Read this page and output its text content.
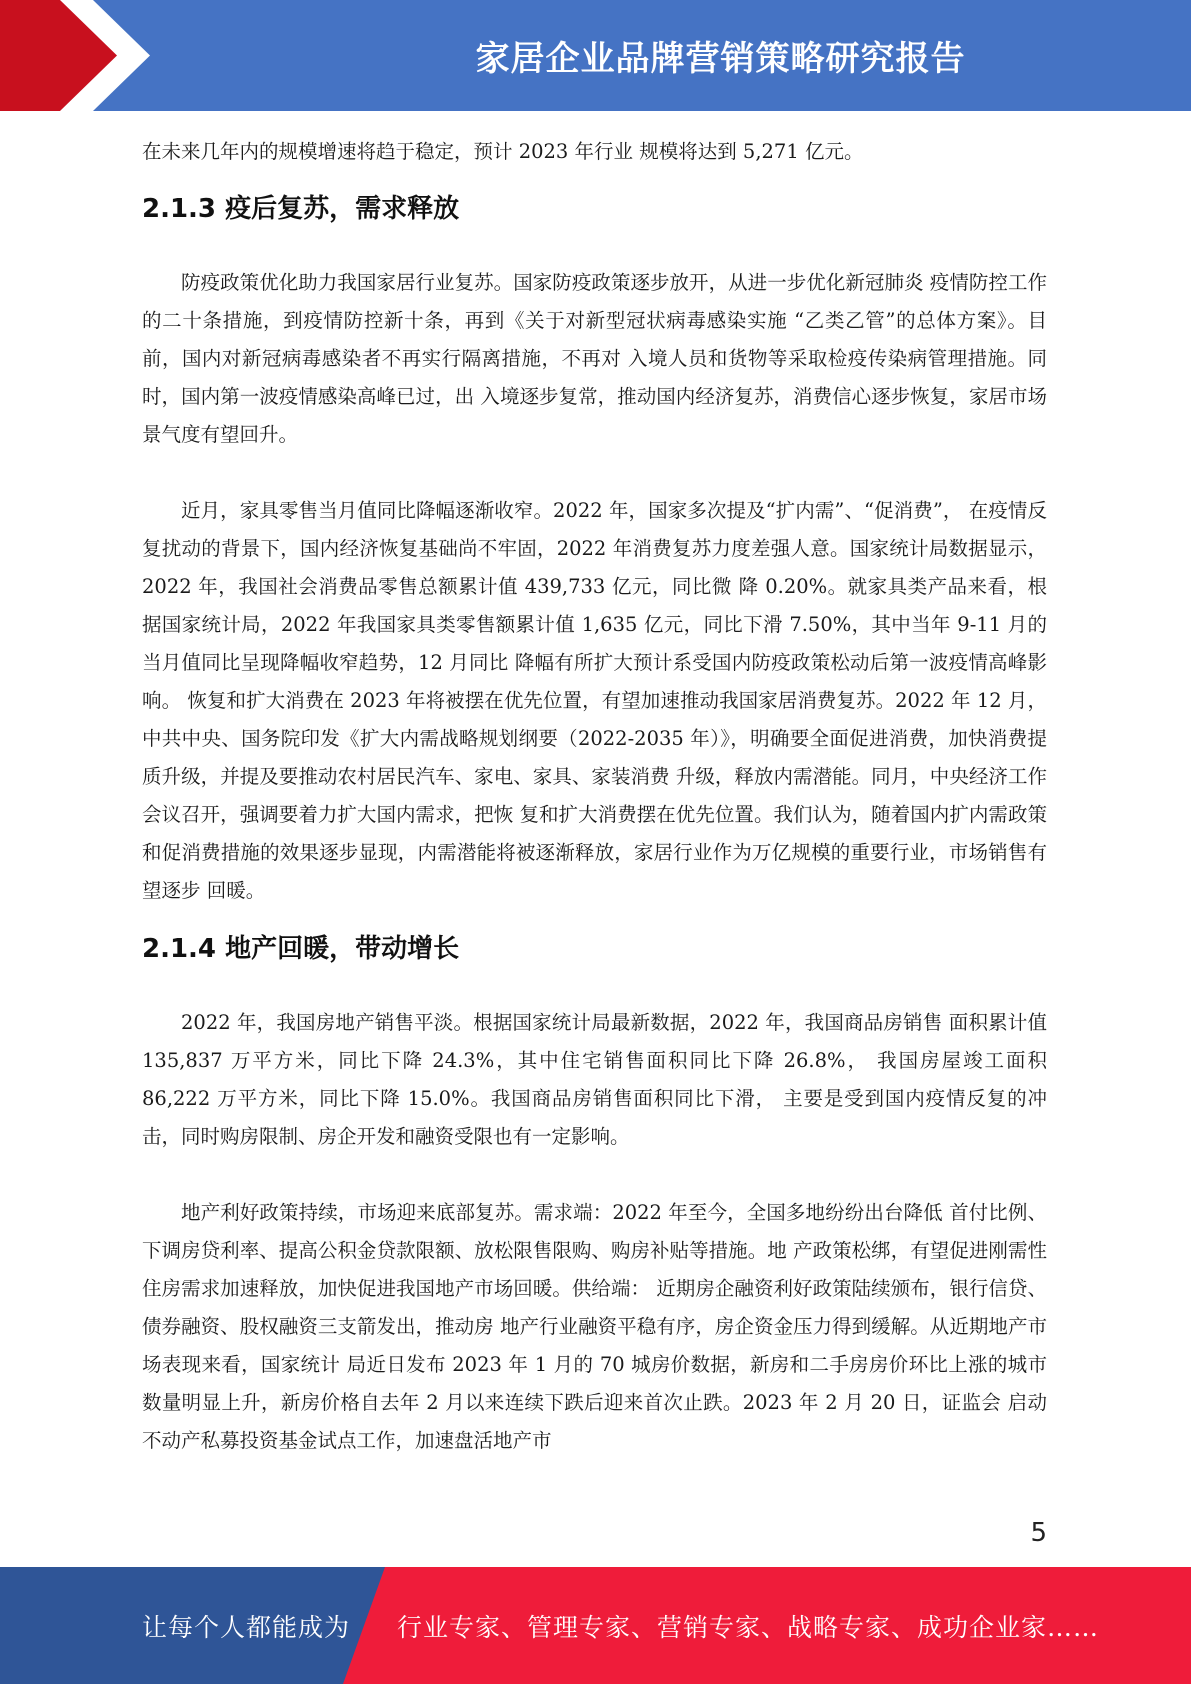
家居企业品牌营销策略研究报告

在未来几年内的规模增速将趋于稳定，预计 2023 年行业 规模将达到 5,271 亿元。

2.1.3 疫后复苏，需求释放

防疫政策优化助力我国家居行业复苏。国家防疫政策逐步放开，从进一步优化新冠肺炎 疫情防控工作的二十条措施，到疫情防控新十条，再到《关于对新型冠状病毒感染实施 “乙类乙管”的总体方案》。目前，国内对新冠病毒感染者不再实行隔离措施，不再对 入境人员和货物等采取检疫传染病管理措施。同时，国内第一波疫情感染高峰已过，出 入境逐步复常，推动国内经济复苏，消费信心逐步恢复，家居市场景气度有望回升。

近月，家具零售当月值同比降幅逐渐收窄。2022 年，国家多次提及“扩内需”、“促消费”， 在疫情反复扰动的背景下，国内经济恢复基础尚不牢固，2022 年消费复苏力度差强人意。国家统计局数据显示，2022 年，我国社会消费品零售总额累计值 439,733 亿元，同比微 降 0.20%。就家具类产品来看，根据国家统计局，2022 年我国家具类零售额累计值 1,635 亿元，同比下滑 7.50%，其中当年 9-11 月的当月值同比呈现降幅收窄趋势，12 月同比 降幅有所扩大预计系受国内防疫政策松动后第一波疫情高峰影响。 恢复和扩大消费在 2023 年将被摆在优先位置，有望加速推动我国家居消费复苏。2022 年 12 月，中共中央、国务院印发《扩大内需战略规划纲要（2022-2035 年）》，明确要全面促进消费，加快消费提质升级，并提及要推动农村居民汽车、家电、家具、家装消费 升级，释放内需潜能。同月，中央经济工作会议召开，强调要着力扩大国内需求，把恢 复和扩大消费摆在优先位置。我们认为，随着国内扩内需政策和促消费措施的效果逐步显现，内需潜能将被逐渐释放，家居行业作为万亿规模的重要行业，市场销售有望逐步 回暖。

2.1.4 地产回暖，带动增长

2022 年，我国房地产销售平淡。根据国家统计局最新数据，2022 年，我国商品房销售 面积累计值 135,837 万平方米，同比下降 24.3%，其中住宅销售面积同比下降 26.8%， 我国房屋竣工面积 86,222 万平方米，同比下降 15.0%。我国商品房销售面积同比下滑， 主要是受到国内疫情反复的冲击，同时购房限制、房企开发和融资受限也有一定影响。

地产利好政策持续，市场迎来底部复苏。需求端：2022 年至今，全国多地纷纷出台降低 首付比例、下调房贷利率、提高公积金贷款限额、放松限售限购、购房补贴等措施。地 产政策松绑，有望促进刚需性住房需求加速释放，加快促进我国地产市场回暖。供给端： 近期房企融资利好政策陆续颁布，银行信贷、债券融资、股权融资三支箭发出，推动房 地产行业融资平稳有序，房企资金压力得到缓解。从近期地产市场表现来看，国家统计 局近日发布 2023 年 1 月的 70 城房价数据，新房和二手房房价环比上涨的城市数量明显上升，新房价格自去年 2 月以来连续下跌后迎来首次止跌。2023 年 2 月 20 日，证监会 启动不动产私募投资基金试点工作，加速盘活地产市

5
让每个人都能成为 行业专家、管理专家、营销专家、战略专家、成功企业家……
